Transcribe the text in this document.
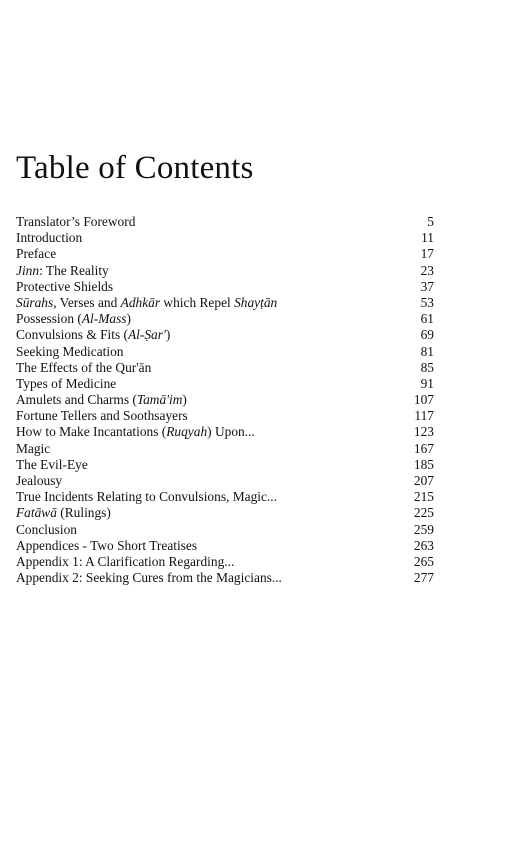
Table of Contents
Translator’s Foreword	5
Introduction	11
Preface	17
Jinn: The Reality	23
Protective Shields	37
Sūrahs, Verses and Adhkār which Repel Shayṭān	53
Possession (Al-Mass)	61
Convulsions & Fits (Al-Ṣar')	69
Seeking Medication	81
The Effects of the Qur'ān	85
Types of Medicine	91
Amulets and Charms (Tamā'im)	107
Fortune Tellers and Soothsayers	117
How to Make Incantations (Ruqyah) Upon...	123
Magic	167
The Evil-Eye	185
Jealousy	207
True Incidents Relating to Convulsions, Magic...	215
Fatāwā (Rulings)	225
Conclusion	259
Appendices - Two Short Treatises	263
Appendix 1: A Clarification Regarding...	265
Appendix 2: Seeking Cures from the Magicians...	277
